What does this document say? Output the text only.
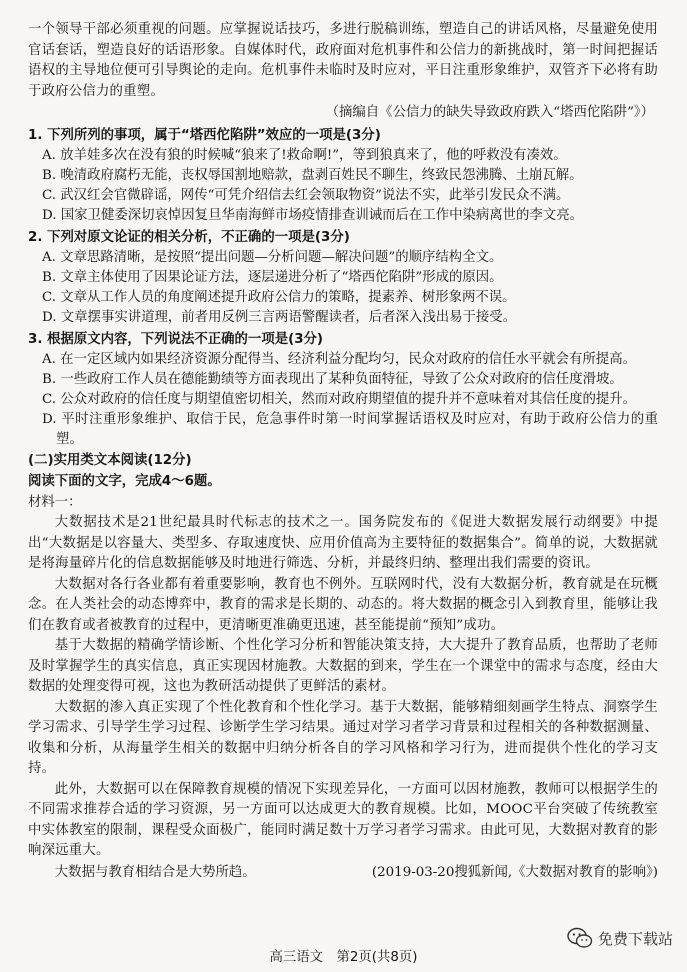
一个领导干部必须重视的问题。应掌握说话技巧，多进行脱稿训练，塑造自己的讲话风格，尽量避免使用官话套话，塑造良好的话语形象。自媒体时代，政府面对危机事件和公信力的新挑战时，第一时间把握话语权的主导地位便可引导舆论的走向。危机事件未临时及时应对，平日注重形象维护，双管齐下必将有助于政府公信力的重塑。

（摘编自《公信力的缺失导致政府跌入“塔西佗陷阱”》）

1. 下列所列的事项，属于“塔西佗陷阱”效应的一项是(3分)

A. 放羊娃多次在没有狼的时候喊“狼来了!救命啊!”，等到狼真来了，他的呼救没有凑效。

B. 晚清政府腐朽无能，丧权辱国割地赔款，盘剥百姓民不聊生，终致民怨沸腾、土崩瓦解。

C. 武汉红会官微辟谣，网传“可凭介绍信去红会领取物资”说法不实，此举引发民众不满。

D. 国家卫健委深切哀悼因复旦华南海鲜市场疫情排查训诫而后在工作中染病离世的李文亮。

2. 下列对原文论证的相关分析，不正确的一项是(3分)

A. 文章思路清晰，是按照“提出问题—分析问题—解决问题”的顺序结构全文。

B. 文章主体使用了因果论证方法，逐层递进分析了“塔西佗陷阱”形成的原因。

C. 文章从工作人员的角度阐述提升政府公信力的策略，提素养、树形象两不误。

D. 文章摆事实讲道理，前者用反例三言两语警醒读者，后者深入浅出易于接受。

3. 根据原文内容，下列说法不正确的一项是(3分)

A. 在一定区域内如果经济资源分配得当、经济利益分配均匀，民众对政府的信任水平就会有所提高。

B. 一些政府工作人员在德能勤绩等方面表现出了某种负面特征，导致了公众对政府的信任度滑坡。

C. 公众对政府的信任度与期望值密切相关，然而对政府期望值的提升并不意味着对其信任度的提升。

D. 平时注重形象维护、取信于民，危急事件时第一时间掌握话语权及时应对，有助于政府公信力的重塑。

(二)实用类文本阅读(12分)

阅读下面的文字，完成4～6题。

材料一：

大数据技术是21世纪最具时代标志的技术之一。国务院发布的《促进大数据发展行动纲要》中提出“大数据是以容量大、类型多、存取速度快、应用价值高为主要特征的数据集合”。简单的说，大数据就是将海量碎片化的信息数据能够及时地进行筛选、分析，并最终归纳、整理出我们需要的资讯。

大数据对各行各业都有着重要影响，教育也不例外。互联网时代，没有大数据分析，教育就是在玩概念。在人类社会的动态博弈中，教育的需求是长期的、动态的。将大数据的概念引入到教育里，能够让我们在教育或者被教育的过程中，更清晰更准确更迅速，甚至能提前“预知”成功。

基于大数据的精确学情诊断、个性化学习分析和智能决策支持，大大提升了教育品质，也帮助了老师及时掌握学生的真实信息，真正实现因材施教。大数据的到来，学生在一个课堂中的需求与态度，经由大数据的处理变得可视，这也为教研活动提供了更鲜活的素材。

大数据的渗入真正实现了个性化教育和个性化学习。基于大数据，能够精细刻画学生特点、洞察学生学习需求、引导学生学习过程、诊断学生学习结果。通过对学习者学习背景和过程相关的各种数据测量、收集和分析，从海量学生相关的数据中归纳分析各自的学习风格和学习行为，进而提供个性化的学习支持。

此外，大数据可以在保障教育规模的情况下实现差异化，一方面可以因材施教，教师可以根据学生的不同需求推荐合适的学习资源，另一方面可以达成更大的教育规模。比如，MOOC平台突破了传统教室中实体教室的限制，课程受众面极广，能同时满足数十万学习者学习需求。由此可见，大数据对教育的影响深远重大。

大数据与教育相结合是大势所趋。	(2019-03-20搜狐新闻,《大数据对教育的影响》)
免费下载站
高三语文　第2页(共8页)
